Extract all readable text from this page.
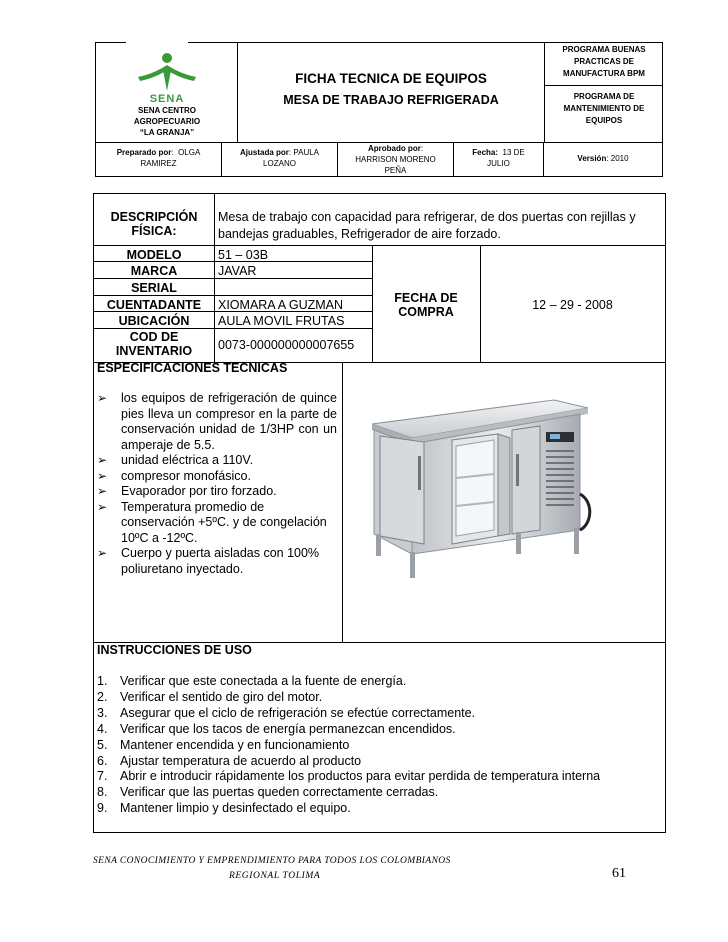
SENA
SENA CENTRO
AGROPECUARIO
“LA GRANJA”
FICHA TECNICA DE EQUIPOS
MESA DE TRABAJO REFRIGERADA
PROGRAMA BUENAS
PRACTICAS DE
MANUFACTURA BPM
PROGRAMA DE
MANTENIMIENTO DE
EQUIPOS
Preparado por:  OLGA
RAMIREZ
Ajustada por: PAULA
LOZANO
Aprobado por:
HARRISON MORENO
PEÑA
Fecha: 13 DE
JULIO
Versión: 2010
DESCRIPCIÓN
FÍSICA:
Mesa de trabajo con capacidad para refrigerar, de dos puertas con rejillas y bandejas graduables, Refrigerador de aire forzado.
MODELO	51 – 03B
MARCA	JAVAR
SERIAL
CUENTADANTE	XIOMARA A GUZMAN
UBICACIÓN	AULA MOVIL FRUTAS
COD DE
INVENTARIO	0073-000000000007655
FECHA DE
COMPRA	12 – 29 - 2008
ESPECIFICACIONES TECNICAS
➢ los equipos de refrigeración de quince pies lleva un compresor en la parte de conservación unidad de 1/3HP con un amperaje de 5.5.
➢ unidad eléctrica a 110V.
➢ compresor monofásico.
➢ Evaporador por tiro forzado.
➢ Temperatura promedio de conservación +5ºC. y de congelación 10ºC a -12ºC.
➢ Cuerpo y puerta aisladas con 100% poliuretano inyectado.
INSTRUCCIONES DE USO
1. Verificar que este conectada a la fuente de energía.
2. Verificar el sentido de giro del motor.
3. Asegurar que el ciclo de refrigeración se efectúe correctamente.
4. Verificar que los tacos de energía permanezcan encendidos.
5. Mantener encendida y en funcionamiento
6. Ajustar temperatura de acuerdo al producto
7. Abrir e introducir rápidamente los productos para evitar perdida de temperatura interna
8. Verificar que las puertas queden correctamente cerradas.
9. Mantener limpio y desinfectado el equipo.
SENA CONOCIMIENTO Y EMPRENDIMIENTO PARA TODOS LOS COLOMBIANOS
REGIONAL TOLIMA	61
